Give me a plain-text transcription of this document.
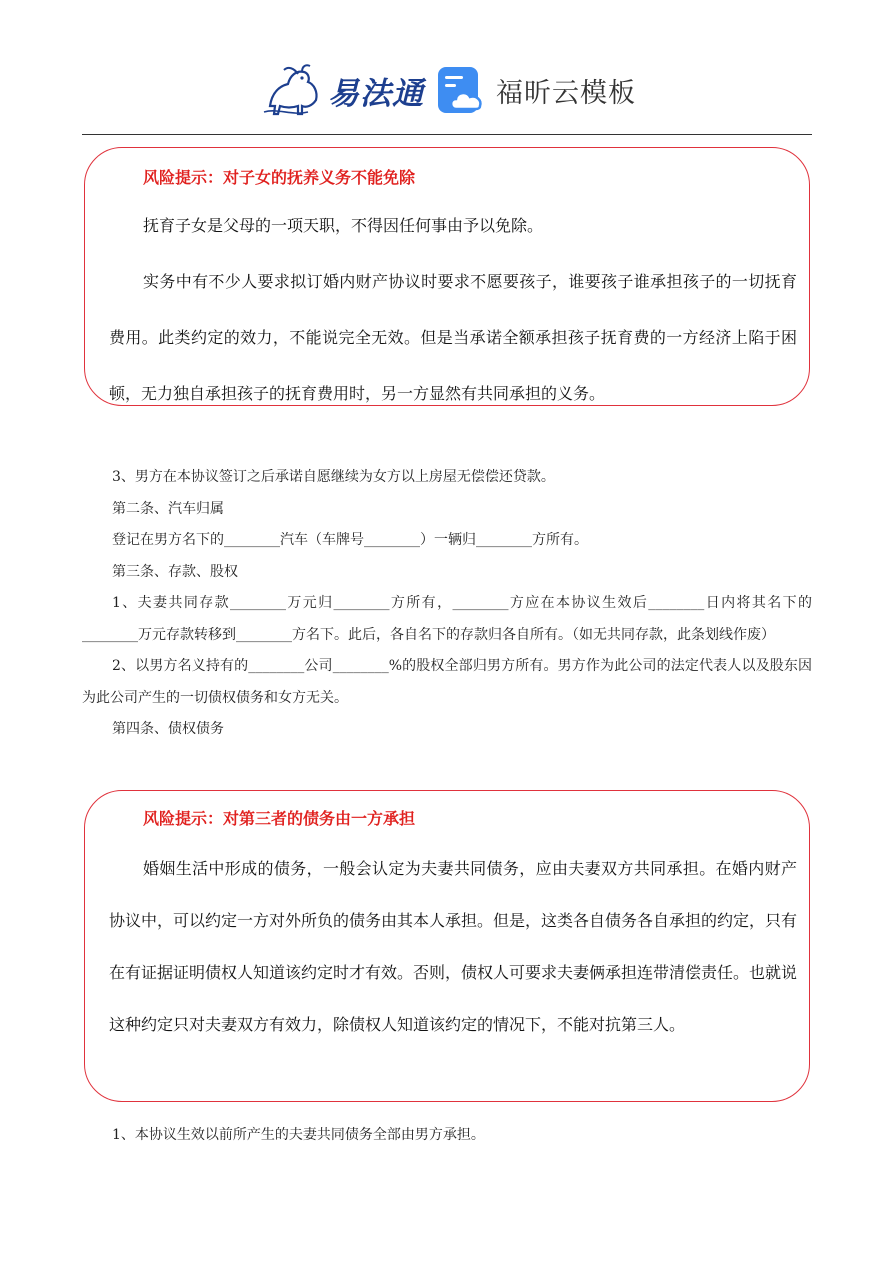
易法通	福昕云模板
风险提示：对子女的抚养义务不能免除

抚育子女是父母的一项天职，不得因任何事由予以免除。

实务中有不少人要求拟订婚内财产协议时要求不愿要孩子，谁要孩子谁承担孩子的一切抚育费用。此类约定的效力，不能说完全无效。但是当承诺全额承担孩子抚育费的一方经济上陷于困顿，无力独自承担孩子的抚育费用时，另一方显然有共同承担的义务。

3、男方在本协议签订之后承诺自愿继续为女方以上房屋无偿偿还贷款。

第二条、汽车归属

登记在男方名下的________汽车（车牌号________）一辆归________方所有。

第三条、存款、股权

1、夫妻共同存款________万元归________方所有，________方应在本协议生效后________日内将其名下的________万元存款转移到________方名下。此后，各自名下的存款归各自所有。（如无共同存款，此条划线作废）

2、以男方名义持有的________公司________%的股权全部归男方所有。男方作为此公司的法定代表人以及股东因为此公司产生的一切债权债务和女方无关。

第四条、债权债务

风险提示：对第三者的债务由一方承担

婚姻生活中形成的债务，一般会认定为夫妻共同债务，应由夫妻双方共同承担。在婚内财产协议中，可以约定一方对外所负的债务由其本人承担。但是，这类各自债务各自承担的约定，只有在有证据证明债权人知道该约定时才有效。否则，债权人可要求夫妻俩承担连带清偿责任。也就说这种约定只对夫妻双方有效力，除债权人知道该约定的情况下，不能对抗第三人。

1、本协议生效以前所产生的夫妻共同债务全部由男方承担。
